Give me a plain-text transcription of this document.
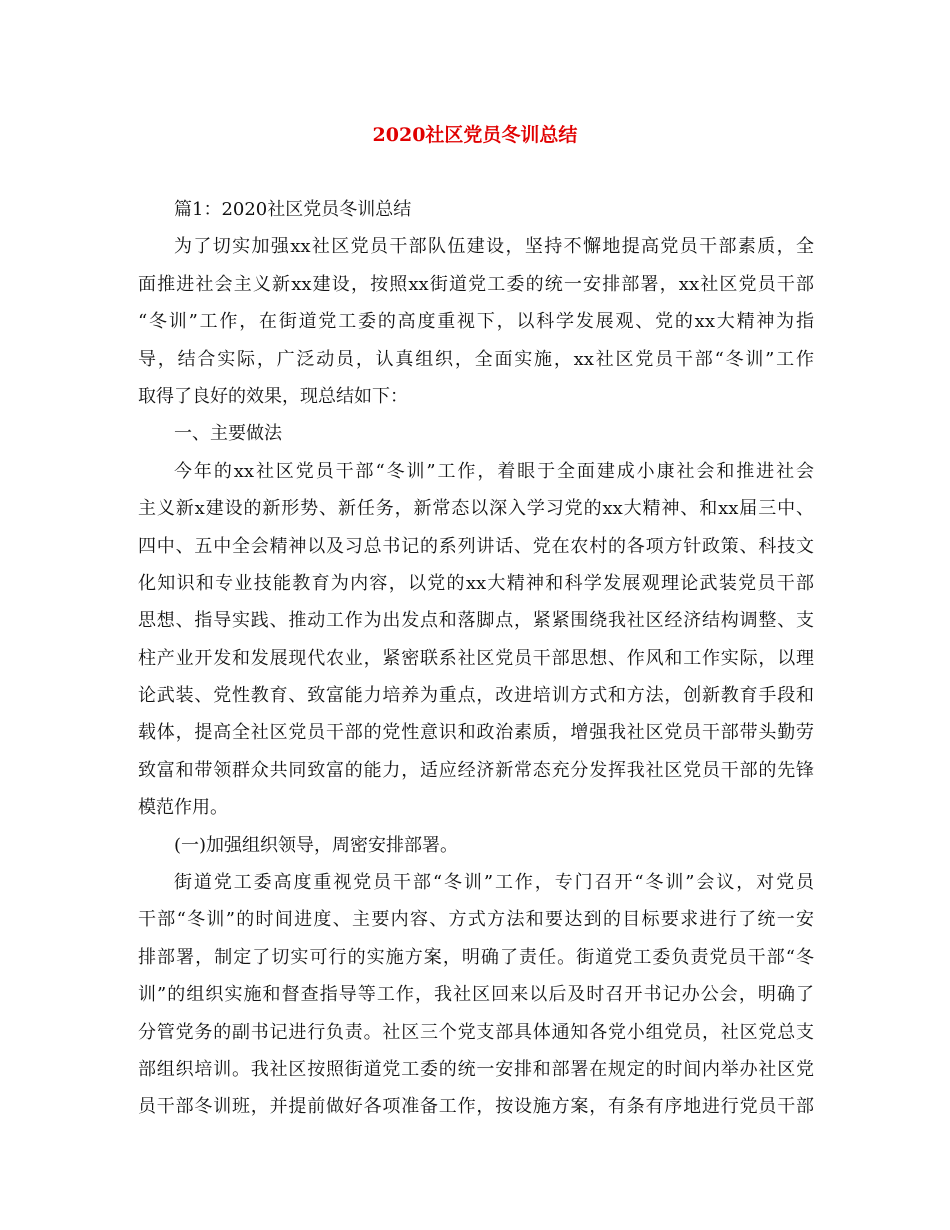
2020社区党员冬训总结
篇1：2020社区党员冬训总结
为了切实加强xx社区党员干部队伍建设，坚持不懈地提高党员干部素质，全
面推进社会主义新xx建设，按照xx街道党工委的统一安排部署，xx社区党员干部
“冬训”工作，在街道党工委的高度重视下，以科学发展观、党的xx大精神为指
导，结合实际，广泛动员，认真组织，全面实施，xx社区党员干部“冬训”工作
取得了良好的效果，现总结如下：
一、主要做法
今年的xx社区党员干部“冬训”工作，着眼于全面建成小康社会和推进社会
主义新x建设的新形势、新任务，新常态以深入学习党的xx大精神、和xx届三中、
四中、五中全会精神以及习总书记的系列讲话、党在农村的各项方针政策、科技文
化知识和专业技能教育为内容，以党的xx大精神和科学发展观理论武装党员干部
思想、指导实践、推动工作为出发点和落脚点，紧紧围绕我社区经济结构调整、支
柱产业开发和发展现代农业，紧密联系社区党员干部思想、作风和工作实际，以理
论武装、党性教育、致富能力培养为重点，改进培训方式和方法，创新教育手段和
载体，提高全社区党员干部的党性意识和政治素质，增强我社区党员干部带头勤劳
致富和带领群众共同致富的能力，适应经济新常态充分发挥我社区党员干部的先锋
模范作用。
(一)加强组织领导，周密安排部署。
街道党工委高度重视党员干部“冬训”工作，专门召开“冬训”会议，对党员
干部“冬训”的时间进度、主要内容、方式方法和要达到的目标要求进行了统一安
排部署，制定了切实可行的实施方案，明确了责任。街道党工委负责党员干部“冬
训”的组织实施和督查指导等工作，我社区回来以后及时召开书记办公会，明确了
分管党务的副书记进行负责。社区三个党支部具体通知各党小组党员，社区党总支
部组织培训。我社区按照街道党工委的统一安排和部署在规定的时间内举办社区党
员干部冬训班，并提前做好各项准备工作，按设施方案，有条有序地进行党员干部
